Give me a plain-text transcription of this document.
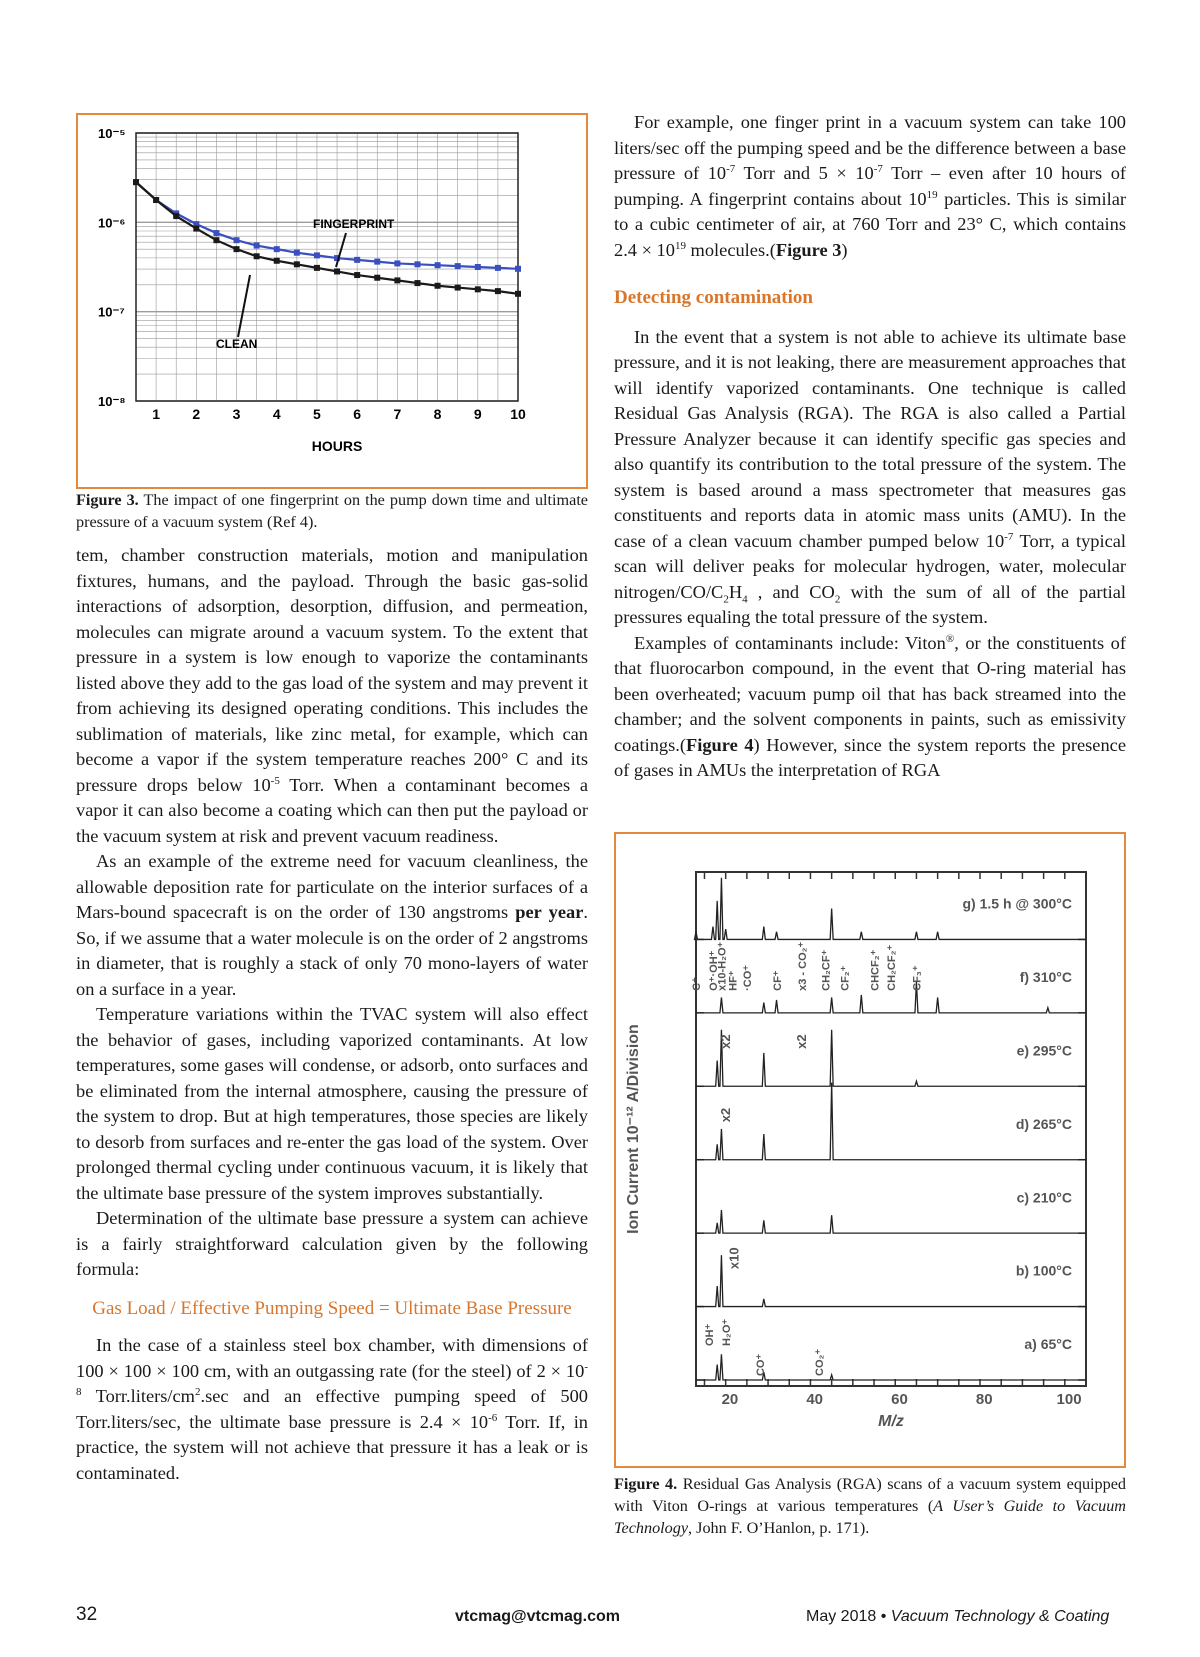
10⁻⁵
10⁻⁶
10⁻⁷
10⁻⁸
1 2 3 4 5 6 7 8 9 10
HOURS
FINGERPRINT
CLEAN
Figure 3. The impact of one fingerprint on the pump down time and ultimate pressure of a vacuum system (Ref 4).

tem, chamber construction materials, motion and manipulation fixtures, humans, and the payload. Through the basic gas-solid interactions of adsorption, desorption, diffusion, and permeation, molecules can migrate around a vacuum system. To the extent that pressure in a system is low enough to vaporize the contaminants listed above they add to the gas load of the system and may prevent it from achieving its designed operating conditions. This includes the sublimation of materials, like zinc metal, for example, which can become a vapor if the system temperature reaches 200° C and its pressure drops below $10^{-5}$ Torr. When a contaminant becomes a vapor it can also become a coating which can then put the payload or the vacuum system at risk and prevent vacuum readiness.

As an example of the extreme need for vacuum cleanliness, the allowable deposition rate for particulate on the interior surfaces of a Mars-bound spacecraft is on the order of 130 angstroms per year. So, if we assume that a water molecule is on the order of 2 angstroms in diameter, that is roughly a stack of only 70 mono-layers of water on a surface in a year.

Temperature variations within the TVAC system will also effect the behavior of gases, including vaporized contaminants. At low temperatures, some gases will condense, or adsorb, onto surfaces and be eliminated from the internal atmosphere, causing the pressure of the system to drop. But at high temperatures, those species are likely to desorb from surfaces and re-enter the gas load of the system. Over prolonged thermal cycling under continuous vacuum, it is likely that the ultimate base pressure of the system improves substantially.

Determination of the ultimate base pressure a system can achieve is a fairly straightforward calculation given by the following formula:

Gas Load / Effective Pumping Speed = Ultimate Base Pressure

In the case of a stainless steel box chamber, with dimensions of 100 × 100 × 100 cm, with an outgassing rate (for the steel) of $2 \times 10^{-8}$ $Torr.liters/cm^2.\sec$ and an effective pumping speed of 500 Torr.liters/sec, the ultimate base pressure is $2.4 \times 10^{-6}$ Torr. If, in practice, the system will not achieve that pressure it has a leak or is contaminated.

For example, one finger print in a vacuum system can take 100 liters/sec off the pumping speed and be the difference between a base pressure of $10^{-7}$ Torr and $5 \times 10^{-7}$ Torr – even after 10 hours of pumping. A fingerprint contains about $10^{19}$ particles. This is similar to a cubic centimeter of air, at 760 Torr and 23° C, which contains $2.4 \times 10^{19}$ molecules.(Figure 3)

Detecting contamination

In the event that a system is not able to achieve its ultimate base pressure, and it is not leaking, there are measurement approaches that will identify vaporized contaminants. One technique is called Residual Gas Analysis (RGA). The RGA is also called a Partial Pressure Analyzer because it can identify specific gas species and also quantify its contribution to the total pressure of the system. The system is based around a mass spectrometer that measures gas constituents and reports data in atomic mass units (AMU). In the case of a clean vacuum chamber pumped below $10^{-7}$ Torr, a typical scan will deliver peaks for molecular hydrogen, water, molecular nitrogen/$CO/C_2H_4$ , and $CO_2$ with the sum of all of the partial pressures equaling the total pressure of the system.

Examples of contaminants include: Viton®, or the constituents of that fluorocarbon compound, in the event that O-ring material has been overheated; vacuum pump oil that has back streamed into the chamber; and the solvent components in paints, such as emissivity coatings.(Figure 4) However, since the system reports the presence of gases in AMUs the interpretation of RGA

20	40	60	80	100
M/z
Ion Current 10⁻¹² A/Division
g) 1.5 h @ 300°C
f) 310°C
e) 295°C
d) 265°C
c) 210°C
b) 100°C
a) 65°C
C⁺ O⁺·OH⁺
x10-H₂O⁺
HF⁺ ·CO⁺ CF⁺ x3 - CO₂⁺ CH₂CF⁺ CF₂⁺ CHCF₂⁺ CH₂CF₂⁺ CF₃⁺
OH⁺ H₂O⁺
CO⁺	CO₂⁺
x2	x2
x2
x10
Figure 4. Residual Gas Analysis (RGA) scans of a vacuum system equipped with Viton O-rings at various temperatures (A User’s Guide to Vacuum Technology, John F. O’Hanlon, p. 171).
32	vtcmag@vtcmag.com	May 2018 • Vacuum Technology & Coating
